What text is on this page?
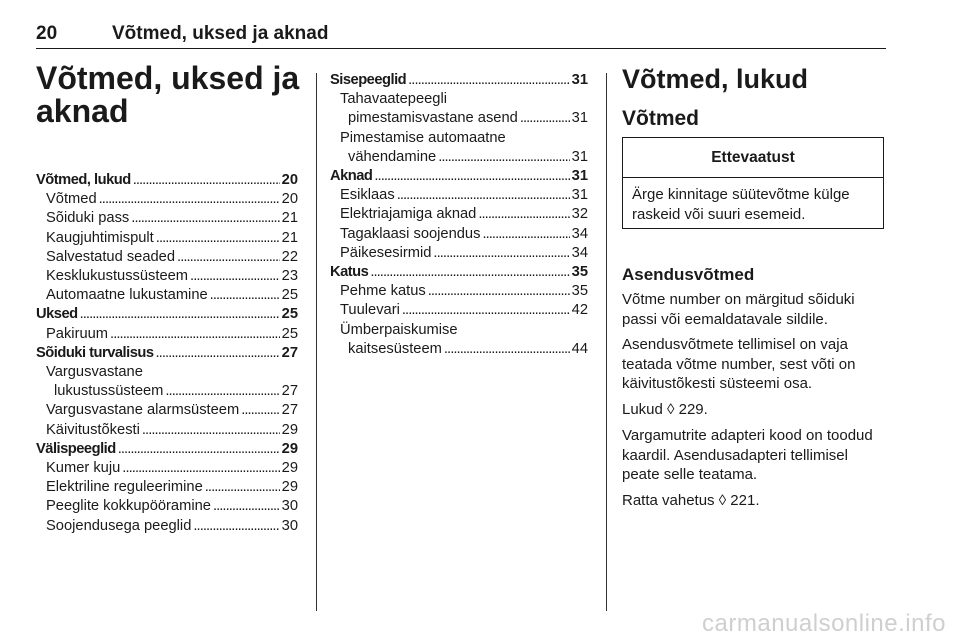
20	Võtmed, uksed ja aknad
Võtmed, uksed ja aknad
Võtmed, lukud . . .	20
Võtmed . . .	20
Sõiduki pass . . .	21
Kaugjuhtimispult . . .	21
Salvestatud seaded . . .	22
Kesklukustussüsteem . . .	23
Automaatne lukustamine . . .	25
Uksed . . .	25
Pakiruum . . .	25
Sõiduki turvalisus . . .	27
Vargusvastane
lukustussüsteem . . .	27
Vargusvastane alarmsüsteem . . .	27
Käivitustõkesti . . .	29
Välispeeglid . . .	29
Kumer kuju . . .	29
Elektriline reguleerimine . . .	29
Peeglite kokkupööramine . . .	30
Soojendusega peeglid . . .	30
Sisepeeglid . . .	31
Tahavaatepeegli
pimestamisvastane asend . . .	31
Pimestamise automaatne
vähendamine . . .	31
Aknad . . .	31
Esiklaas . . .	31
Elektriajamiga aknad . . .	32
Tagaklaasi soojendus . . .	34
Päikesesirmid . . .	34
Katus . . .	35
Pehme katus . . .	35
Tuulevari . . .	42
Ümberpaiskumise
kaitsesüsteem . . .	44
Võtmed, lukud
Võtmed
Ettevaatust
Ärge kinnitage süütevõtme külge raskeid või suuri esemeid.
Asendusvõtmed
Võtme number on märgitud sõiduki passi või eemaldatavale sildile.
Asendusvõtmete tellimisel on vaja teatada võtme number, sest võti on käivitustõkesti süsteemi osa.
Lukud ◊ 229.
Vargamutrite adapteri kood on toodud kaardil. Asendusadapteri tellimisel peate selle teatama.
Ratta vahetus ◊ 221.
carmanualsonline.info
